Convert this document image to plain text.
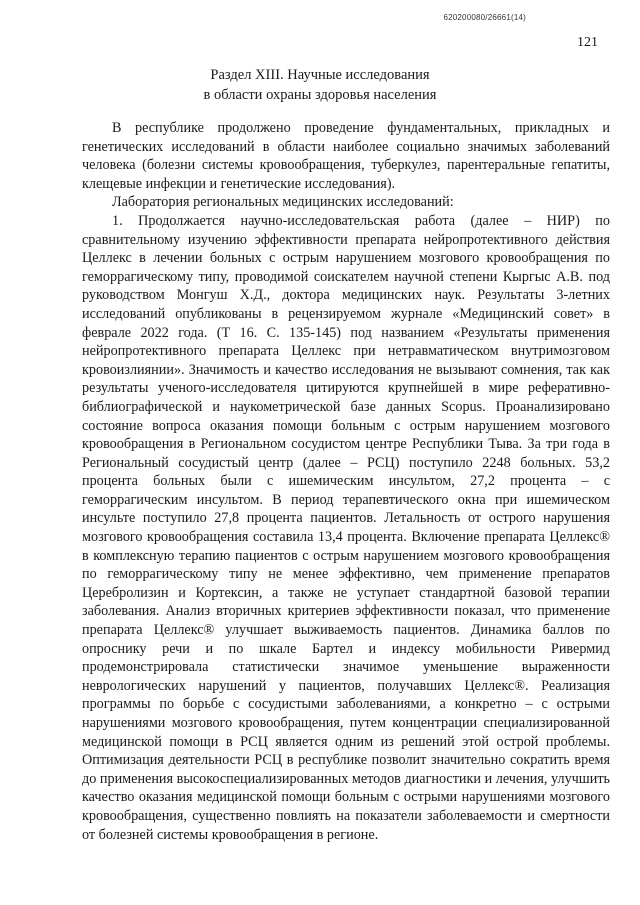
620200080/26661(14)
121
Раздел XIII. Научные исследования
в области охраны здоровья населения

В республике продолжено проведение фундаментальных, прикладных и генетических исследований в области наиболее социально значимых заболеваний человека (болезни системы кровообращения, туберкулез, парентеральные гепатиты, клещевые инфекции и генетические исследования).

Лаборатория региональных медицинских исследований:

1. Продолжается научно-исследовательская работа (далее – НИР) по сравнительному изучению эффективности препарата нейропротективного действия Целлекс в лечении больных с острым нарушением мозгового кровообращения по геморрагическому типу, проводимой соискателем научной степени Кыргыс А.В. под руководством Монгуш Х.Д., доктора медицинских наук. Результаты 3-летних исследований опубликованы в рецензируемом журнале «Медицинский совет» в феврале 2022 года. (Т 16. С. 135-145) под названием «Результаты применения нейропротективного препарата Целлекс при нетравматическом внутримозговом кровоизлиянии». Значимость и качество исследования не вызывают сомнения, так как результаты ученого-исследователя цитируются крупнейшей в мире реферативно-библиографической и наукометрической базе данных Scopus. Проанализировано состояние вопроса оказания помощи больным с острым нарушением мозгового кровообращения в Региональном сосудистом центре Республики Тыва. За три года в Региональный сосудистый центр (далее – РСЦ) поступило 2248 больных. 53,2 процента больных были с ишемическим инсультом, 27,2 процента – с геморрагическим инсультом. В период терапевтического окна при ишемическом инсульте поступило 27,8 процента пациентов. Летальность от острого нарушения мозгового кровообращения составила 13,4 процента. Включение препарата Целлекс® в комплексную терапию пациентов с острым нарушением мозгового кровообращения по геморрагическому типу не менее эффективно, чем применение препаратов Церебролизин и Кортексин, а также не уступает стандартной базовой терапии заболевания. Анализ вторичных критериев эффективности показал, что применение препарата Целлекс® улучшает выживаемость пациентов. Динамика баллов по опроснику речи и по шкале Бартел и индексу мобильности Ривермид продемонстрировала статистически значимое уменьшение выраженности неврологических нарушений у пациентов, получавших Целлекс®. Реализация программы по борьбе с сосудистыми заболеваниями, а конкретно – с острыми нарушениями мозгового кровообращения, путем концентрации специализированной медицинской помощи в РСЦ является одним из решений этой острой проблемы. Оптимизация деятельности РСЦ в республике позволит значительно сократить время до применения высокоспециализированных методов диагностики и лечения, улучшить качество оказания медицинской помощи больным с острыми нарушениями мозгового кровообращения, существенно повлиять на показатели заболеваемости и смертности от болезней системы кровообращения в регионе.
